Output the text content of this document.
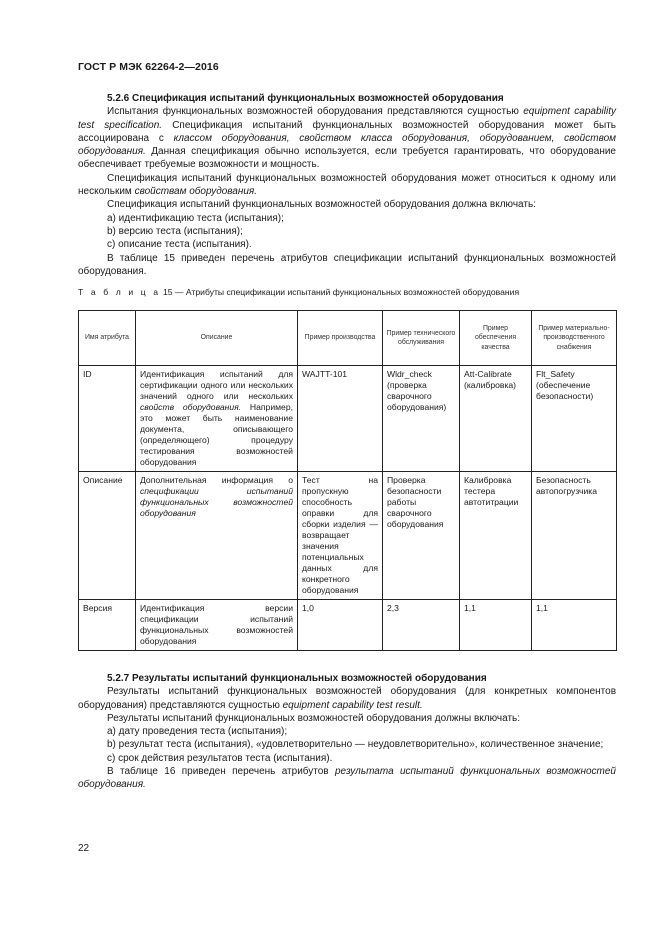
ГОСТ Р МЭК 62264-2—2016

5.2.6 Спецификация испытаний функциональных возможностей оборудования

Испытания функциональных возможностей оборудования представляются сущностью equipment capability test specification. Спецификация испытаний функциональных возможностей оборудования может быть ассоциирована с классом оборудования, свойством класса оборудования, оборудованием, свойством оборудования. Данная спецификация обычно используется, если требуется гарантировать, что оборудование обеспечивает требуемые возможности и мощность.

Спецификация испытаний функциональных возможностей оборудования может относиться к одному или нескольким свойствам оборудования.

Спецификация испытаний функциональных возможностей оборудования должна включать:

a) идентификацию теста (испытания);

b) версию теста (испытания);

c) описание теста (испытания).

В таблице 15 приведен перечень атрибутов спецификации испытаний функциональных возможностей оборудования.

Т а б л и ц а 15 — Атрибуты спецификации испытаний функциональных возможностей оборудования
Имя атрибута	Описание	Пример производства	Пример технического обслуживания	Пример обеспечения качества	Пример материально-производственного снабжения
ID	Идентификация испытаний для сертификации одного или нескольких значений одного или нескольких свойств оборудования. Например, это может быть наименование документа, описывающего (определяющего) процедуру тестирования возможностей оборудования	WAJTT-101	Wldr_check (проверка сварочного оборудования)	Att-Calibrate (калибровка)	Flt_Safety (обеспечение безопасности)
Описание	Дополнительная информация о спецификации испытаний функциональных возможностей оборудования	Тест на пропускную способность оправки для сборки изделия — возвращает значения потенциальных данных для конкретного оборудования	Проверка безопасности работы сварочного оборудования	Калибровка тестера автотитрации	Безопасность автопогрузчика
Версия	Идентификация версии спецификации испытаний функциональных возможностей оборудования	1,0	2,3	1,1	1,1

5.2.7 Результаты испытаний функциональных возможностей оборудования

Результаты испытаний функциональных возможностей оборудования (для конкретных компонентов оборудования) представляются сущностью equipment capability test result.

Результаты испытаний функциональных возможностей оборудования должны включать:

a) дату проведения теста (испытания);

b) результат теста (испытания), «удовлетворительно — неудовлетворительно», количественное значение;

c) срок действия результатов теста (испытания).

В таблице 16 приведен перечень атрибутов результата испытаний функциональных возможностей оборудования.

22
